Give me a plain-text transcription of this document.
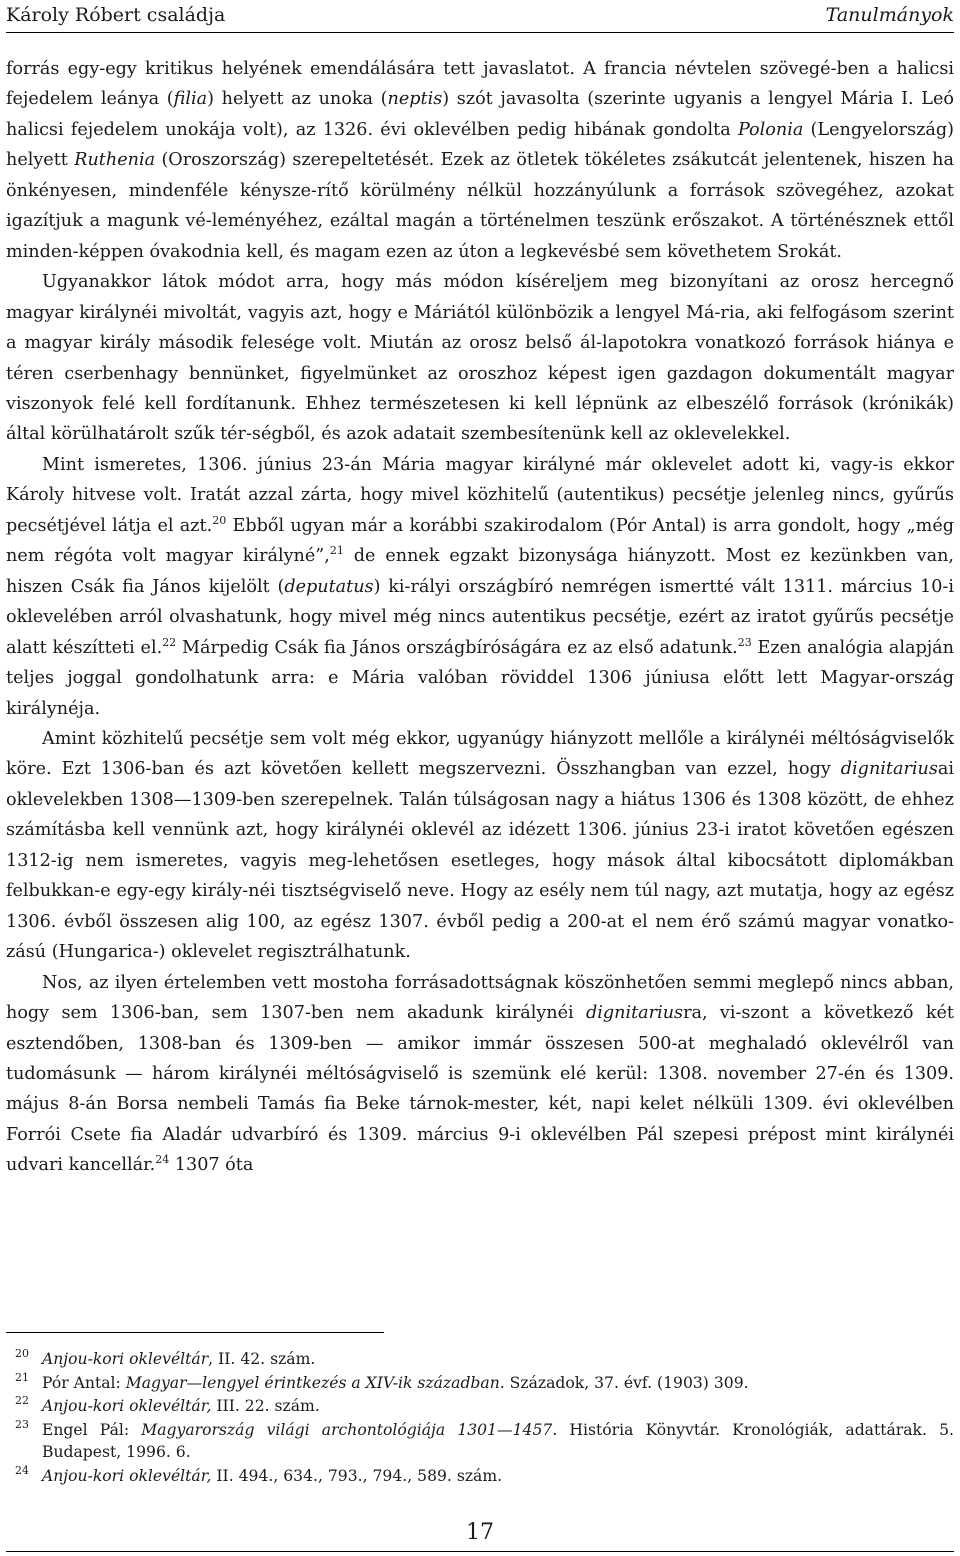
Károly Róbert családja	Tanulmányok

forrás egy-egy kritikus helyének emendálására tett javaslatot. A francia névtelen szövegé-ben a halicsi fejedelem leánya (filia) helyett az unoka (neptis) szót javasolta (szerinte ugyanis a lengyel Mária I. Leó halicsi fejedelem unokája volt), az 1326. évi oklevélben pedig hibának gondolta Polonia (Lengyelország) helyett Ruthenia (Oroszország) szerepeltetését. Ezek az ötletek tökéletes zsákutcát jelentenek, hiszen ha önkényesen, mindenféle kénysze-rítő körülmény nélkül hozzányúlunk a források szövegéhez, azokat igazítjuk a magunk vé-leményéhez, ezáltal magán a történelmen teszünk erőszakot. A történésznek ettől minden-képpen óvakodnia kell, és magam ezen az úton a legkevésbé sem követhetem Srokát.

Ugyanakkor látok módot arra, hogy más módon kíséreljem meg bizonyítani az orosz hercegnő magyar királynéi mivoltát, vagyis azt, hogy e Máriától különbözik a lengyel Má-ria, aki felfogásom szerint a magyar király második felesége volt. Miután az orosz belső ál-lapotokra vonatkozó források hiánya e téren cserbenhagy bennünket, figyelmünket az oroszhoz képest igen gazdagon dokumentált magyar viszonyok felé kell fordítanunk. Ehhez természetesen ki kell lépnünk az elbeszélő források (krónikák) által körülhatárolt szűk tér-ségből, és azok adatait szembesítenünk kell az oklevelekkel.

Mint ismeretes, 1306. június 23-án Mária magyar királyné már oklevelet adott ki, vagy-is ekkor Károly hitvese volt. Iratát azzal zárta, hogy mivel közhitelű (autentikus) pecsétje jelenleg nincs, gyűrűs pecsétjével látja el azt.$^{20}$ Ebből ugyan már a korábbi szakirodalom (Pór Antal) is arra gondolt, hogy „még nem régóta volt magyar királyné”,$^{21}$ de ennek egzakt bizonysága hiányzott. Most ez kezünkben van, hiszen Csák fia János kijelölt (deputatus) ki-rályi országbíró nemrégen ismertté vált 1311. március 10-i oklevelében arról olvashatunk, hogy mivel még nincs autentikus pecsétje, ezért az iratot gyűrűs pecsétje alatt készítteti el.$^{22}$ Márpedig Csák fia János országbíróságára ez az első adatunk.$^{23}$ Ezen analógia alapján teljes joggal gondolhatunk arra: e Mária valóban röviddel 1306 júniusa előtt lett Magyar-ország királynéja.

Amint közhitelű pecsétje sem volt még ekkor, ugyanúgy hiányzott mellőle a királynéi méltóságviselők köre. Ezt 1306-ban és azt követően kellett megszervezni. Összhangban van ezzel, hogy dignitariusai oklevelekben 1308—1309-ben szerepelnek. Talán túlságosan nagy a hiátus 1306 és 1308 között, de ehhez számításba kell vennünk azt, hogy királynéi oklevél az idézett 1306. június 23-i iratot követően egészen 1312-ig nem ismeretes, vagyis meg-lehetősen esetleges, hogy mások által kibocsátott diplomákban felbukkan-e egy-egy király-néi tisztségviselő neve. Hogy az esély nem túl nagy, azt mutatja, hogy az egész 1306. évből összesen alig 100, az egész 1307. évből pedig a 200-at el nem érő számú magyar vonatko-zású (Hungarica-) oklevelet regisztrálhatunk.

Nos, az ilyen értelemben vett mostoha forrásadottságnak köszönhetően semmi meglepő nincs abban, hogy sem 1306-ban, sem 1307-ben nem akadunk királynéi dignitariusra, vi-szont a következő két esztendőben, 1308-ban és 1309-ben — amikor immár összesen 500-at meghaladó oklevélről van tudomásunk — három királynéi méltóságviselő is szemünk elé kerül: 1308. november 27-én és 1309. május 8-án Borsa nembeli Tamás fia Beke tárnok-mester, két, napi kelet nélküli 1309. évi oklevélben Forrói Csete fia Aladár udvarbíró és 1309. március 9-i oklevélben Pál szepesi prépost mint királynéi udvari kancellár.$^{24}$ 1307 óta

20 Anjou-kori oklevéltár, II. 42. szám.
21 Pór Antal: Magyar—lengyel érintkezés a XIV-ik században. Századok, 37. évf. (1903) 309.
22 Anjou-kori oklevéltár, III. 22. szám.
23 Engel Pál: Magyarország világi archontológiája 1301—1457. História Könyvtár. Kronológiák, adattárak. 5. Budapest, 1996. 6.
24 Anjou-kori oklevéltár, II. 494., 634., 793., 794., 589. szám.
17
